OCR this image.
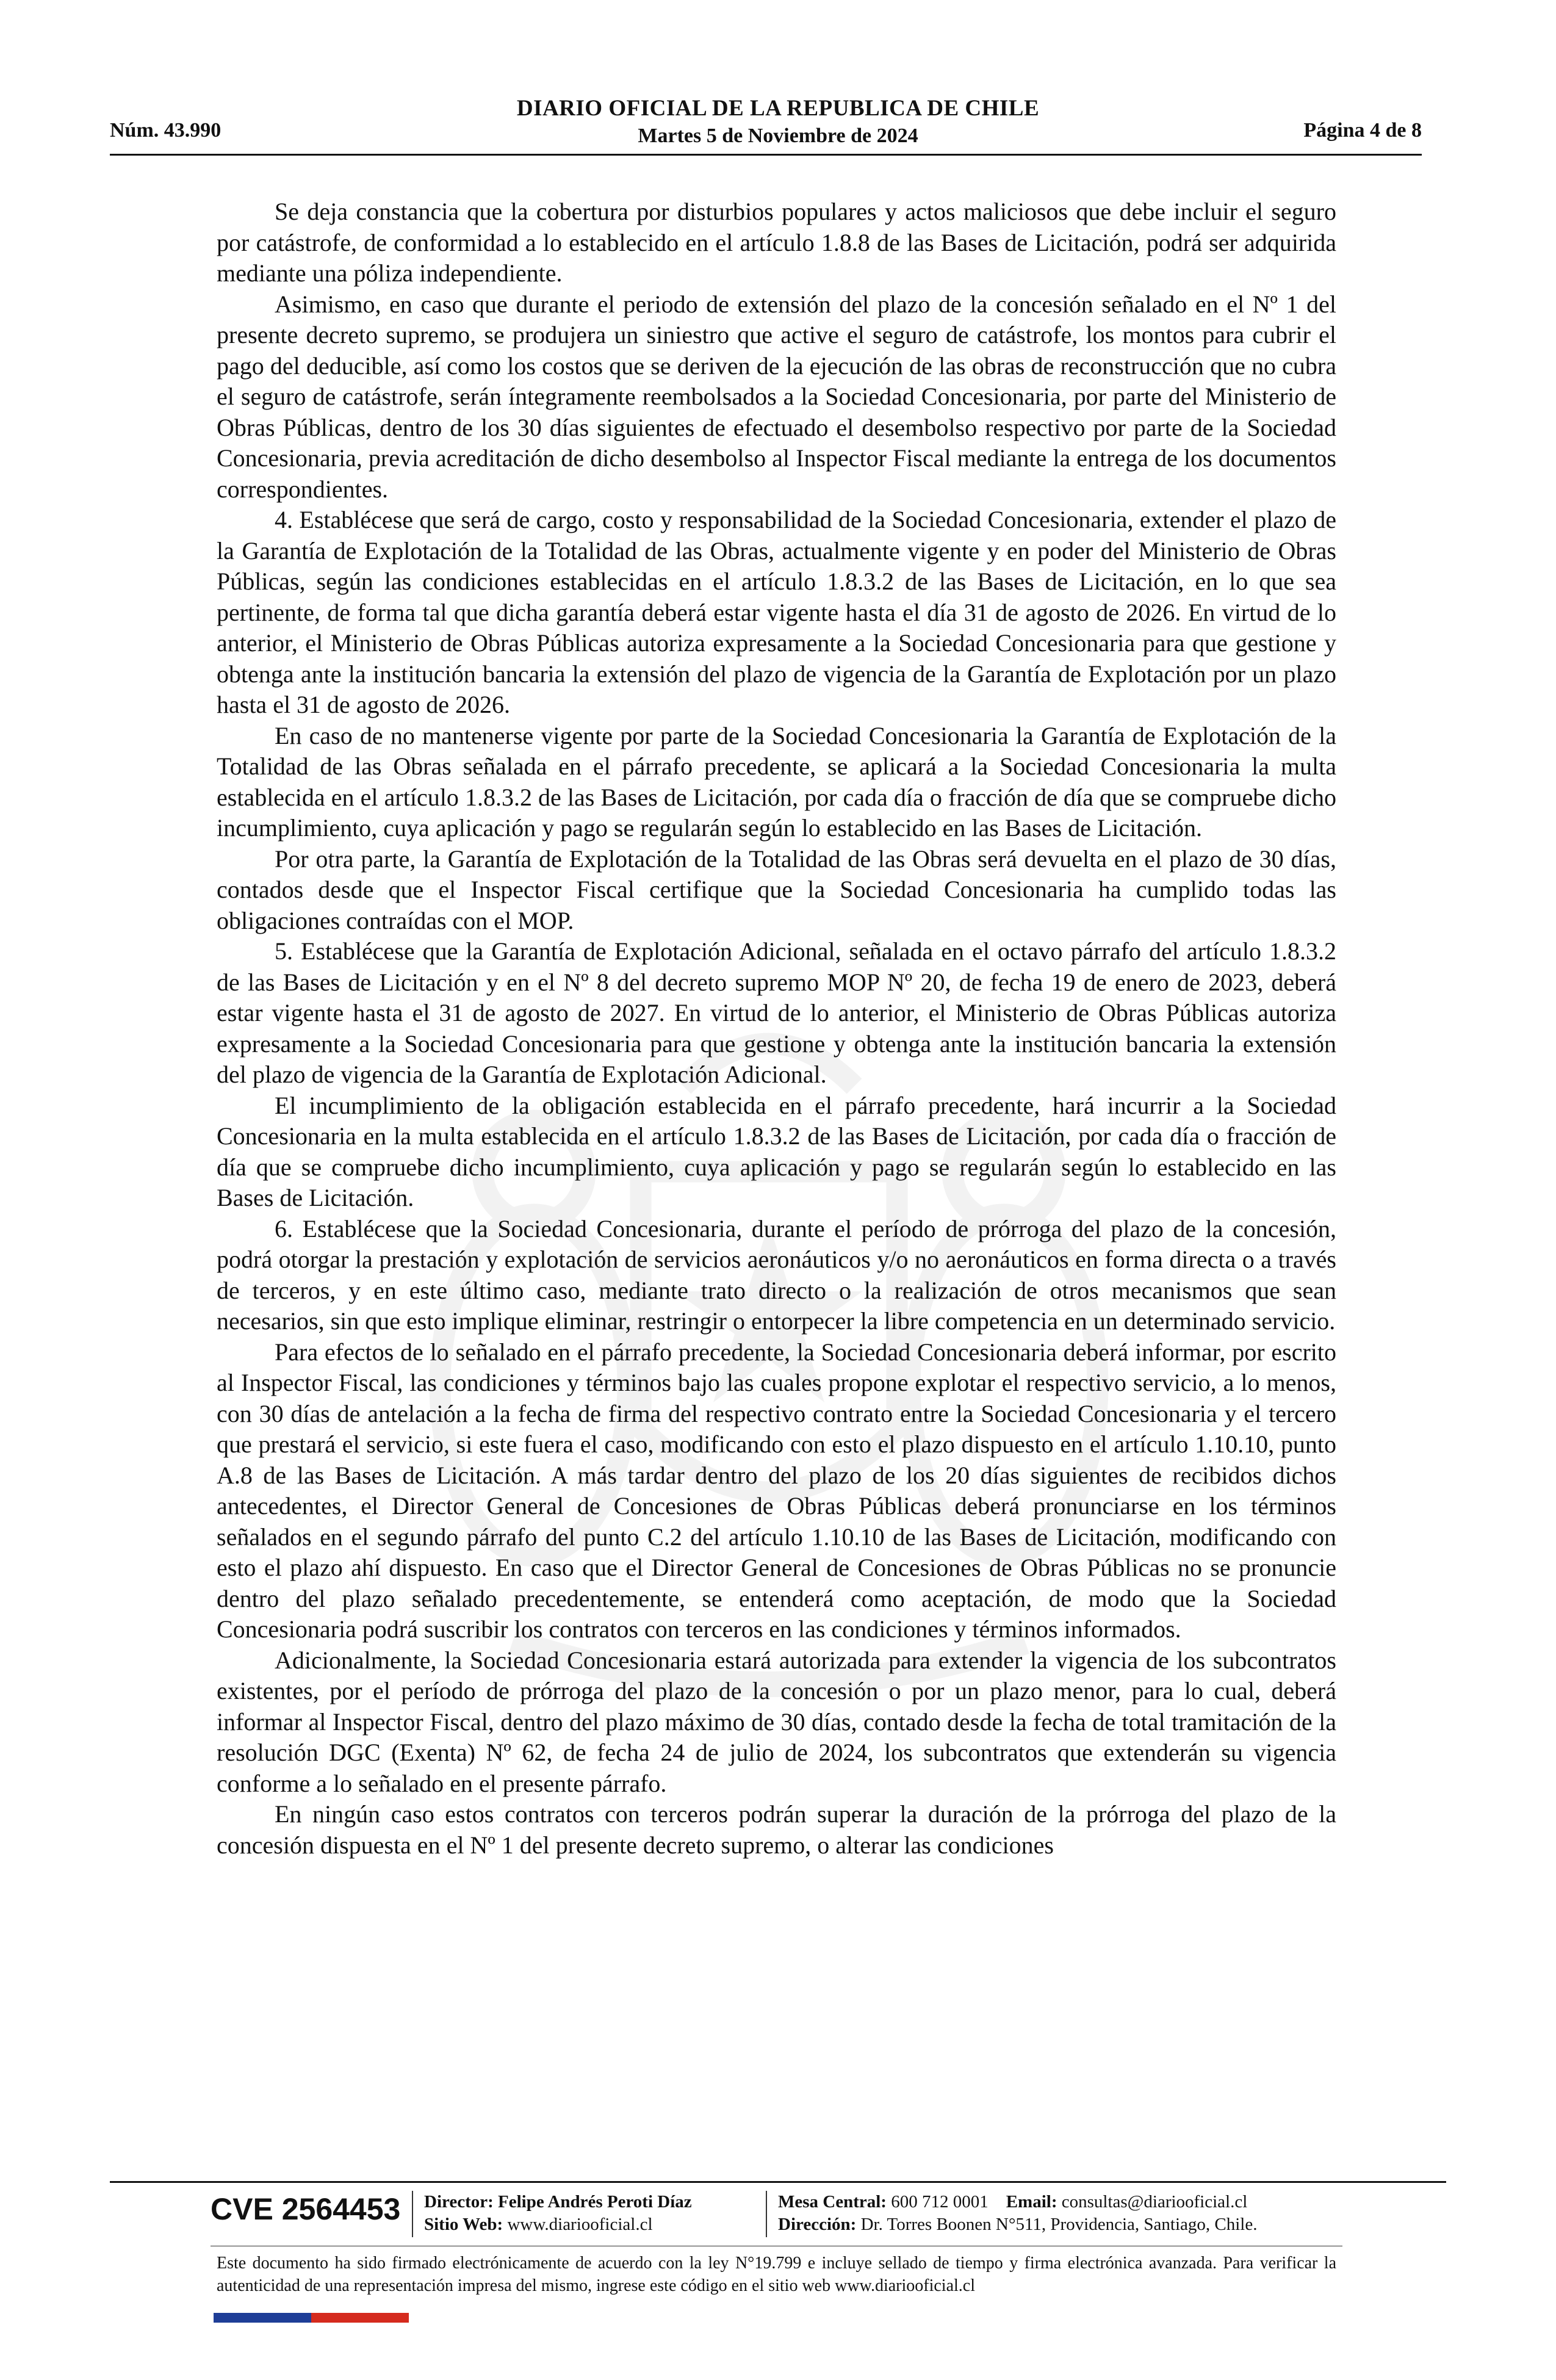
Núm. 43.990
DIARIO OFICIAL DE LA REPUBLICA DE CHILE
Martes 5 de Noviembre de 2024	Página 4 de 8

Se deja constancia que la cobertura por disturbios populares y actos maliciosos que debe incluir el seguro por catástrofe, de conformidad a lo establecido en el artículo 1.8.8 de las Bases de Licitación, podrá ser adquirida mediante una póliza independiente.

Asimismo, en caso que durante el periodo de extensión del plazo de la concesión señalado en el Nº 1 del presente decreto supremo, se produjera un siniestro que active el seguro de catástrofe, los montos para cubrir el pago del deducible, así como los costos que se deriven de la ejecución de las obras de reconstrucción que no cubra el seguro de catástrofe, serán íntegramente reembolsados a la Sociedad Concesionaria, por parte del Ministerio de Obras Públicas, dentro de los 30 días siguientes de efectuado el desembolso respectivo por parte de la Sociedad Concesionaria, previa acreditación de dicho desembolso al Inspector Fiscal mediante la entrega de los documentos correspondientes.

4. Establécese que será de cargo, costo y responsabilidad de la Sociedad Concesionaria, extender el plazo de la Garantía de Explotación de la Totalidad de las Obras, actualmente vigente y en poder del Ministerio de Obras Públicas, según las condiciones establecidas en el artículo 1.8.3.2 de las Bases de Licitación, en lo que sea pertinente, de forma tal que dicha garantía deberá estar vigente hasta el día 31 de agosto de 2026. En virtud de lo anterior, el Ministerio de Obras Públicas autoriza expresamente a la Sociedad Concesionaria para que gestione y obtenga ante la institución bancaria la extensión del plazo de vigencia de la Garantía de Explotación por un plazo hasta el 31 de agosto de 2026.

En caso de no mantenerse vigente por parte de la Sociedad Concesionaria la Garantía de Explotación de la Totalidad de las Obras señalada en el párrafo precedente, se aplicará a la Sociedad Concesionaria la multa establecida en el artículo 1.8.3.2 de las Bases de Licitación, por cada día o fracción de día que se compruebe dicho incumplimiento, cuya aplicación y pago se regularán según lo establecido en las Bases de Licitación.

Por otra parte, la Garantía de Explotación de la Totalidad de las Obras será devuelta en el plazo de 30 días, contados desde que el Inspector Fiscal certifique que la Sociedad Concesionaria ha cumplido todas las obligaciones contraídas con el MOP.

5. Establécese que la Garantía de Explotación Adicional, señalada en el octavo párrafo del artículo 1.8.3.2 de las Bases de Licitación y en el Nº 8 del decreto supremo MOP Nº 20, de fecha 19 de enero de 2023, deberá estar vigente hasta el 31 de agosto de 2027. En virtud de lo anterior, el Ministerio de Obras Públicas autoriza expresamente a la Sociedad Concesionaria para que gestione y obtenga ante la institución bancaria la extensión del plazo de vigencia de la Garantía de Explotación Adicional.

El incumplimiento de la obligación establecida en el párrafo precedente, hará incurrir a la Sociedad Concesionaria en la multa establecida en el artículo 1.8.3.2 de las Bases de Licitación, por cada día o fracción de día que se compruebe dicho incumplimiento, cuya aplicación y pago se regularán según lo establecido en las Bases de Licitación.

6. Establécese que la Sociedad Concesionaria, durante el período de prórroga del plazo de la concesión, podrá otorgar la prestación y explotación de servicios aeronáuticos y/o no aeronáuticos en forma directa o a través de terceros, y en este último caso, mediante trato directo o la realización de otros mecanismos que sean necesarios, sin que esto implique eliminar, restringir o entorpecer la libre competencia en un determinado servicio.

Para efectos de lo señalado en el párrafo precedente, la Sociedad Concesionaria deberá informar, por escrito al Inspector Fiscal, las condiciones y términos bajo las cuales propone explotar el respectivo servicio, a lo menos, con 30 días de antelación a la fecha de firma del respectivo contrato entre la Sociedad Concesionaria y el tercero que prestará el servicio, si este fuera el caso, modificando con esto el plazo dispuesto en el artículo 1.10.10, punto A.8 de las Bases de Licitación. A más tardar dentro del plazo de los 20 días siguientes de recibidos dichos antecedentes, el Director General de Concesiones de Obras Públicas deberá pronunciarse en los términos señalados en el segundo párrafo del punto C.2 del artículo 1.10.10 de las Bases de Licitación, modificando con esto el plazo ahí dispuesto. En caso que el Director General de Concesiones de Obras Públicas no se pronuncie dentro del plazo señalado precedentemente, se entenderá como aceptación, de modo que la Sociedad Concesionaria podrá suscribir los contratos con terceros en las condiciones y términos informados.

Adicionalmente, la Sociedad Concesionaria estará autorizada para extender la vigencia de los subcontratos existentes, por el período de prórroga del plazo de la concesión o por un plazo menor, para lo cual, deberá informar al Inspector Fiscal, dentro del plazo máximo de 30 días, contado desde la fecha de total tramitación de la resolución DGC (Exenta) Nº 62, de fecha 24 de julio de 2024, los subcontratos que extenderán su vigencia conforme a lo señalado en el presente párrafo.

En ningún caso estos contratos con terceros podrán superar la duración de la prórroga del plazo de la concesión dispuesta en el Nº 1 del presente decreto supremo, o alterar las condiciones

CVE 2564453 Director: Felipe Andrés Peroti Díaz
Sitio Web: www.diariooficial.cl
Mesa Central: 600 712 0001 Email: consultas@diariooficial.cl
Dirección: Dr. Torres Boonen N°511, Providencia, Santiago, Chile.
Este documento ha sido firmado electrónicamente de acuerdo con la ley N°19.799 e incluye sellado de tiempo y firma electrónica avanzada. Para verificar la autenticidad de una representación impresa del mismo, ingrese este código en el sitio web www.diariooficial.cl
